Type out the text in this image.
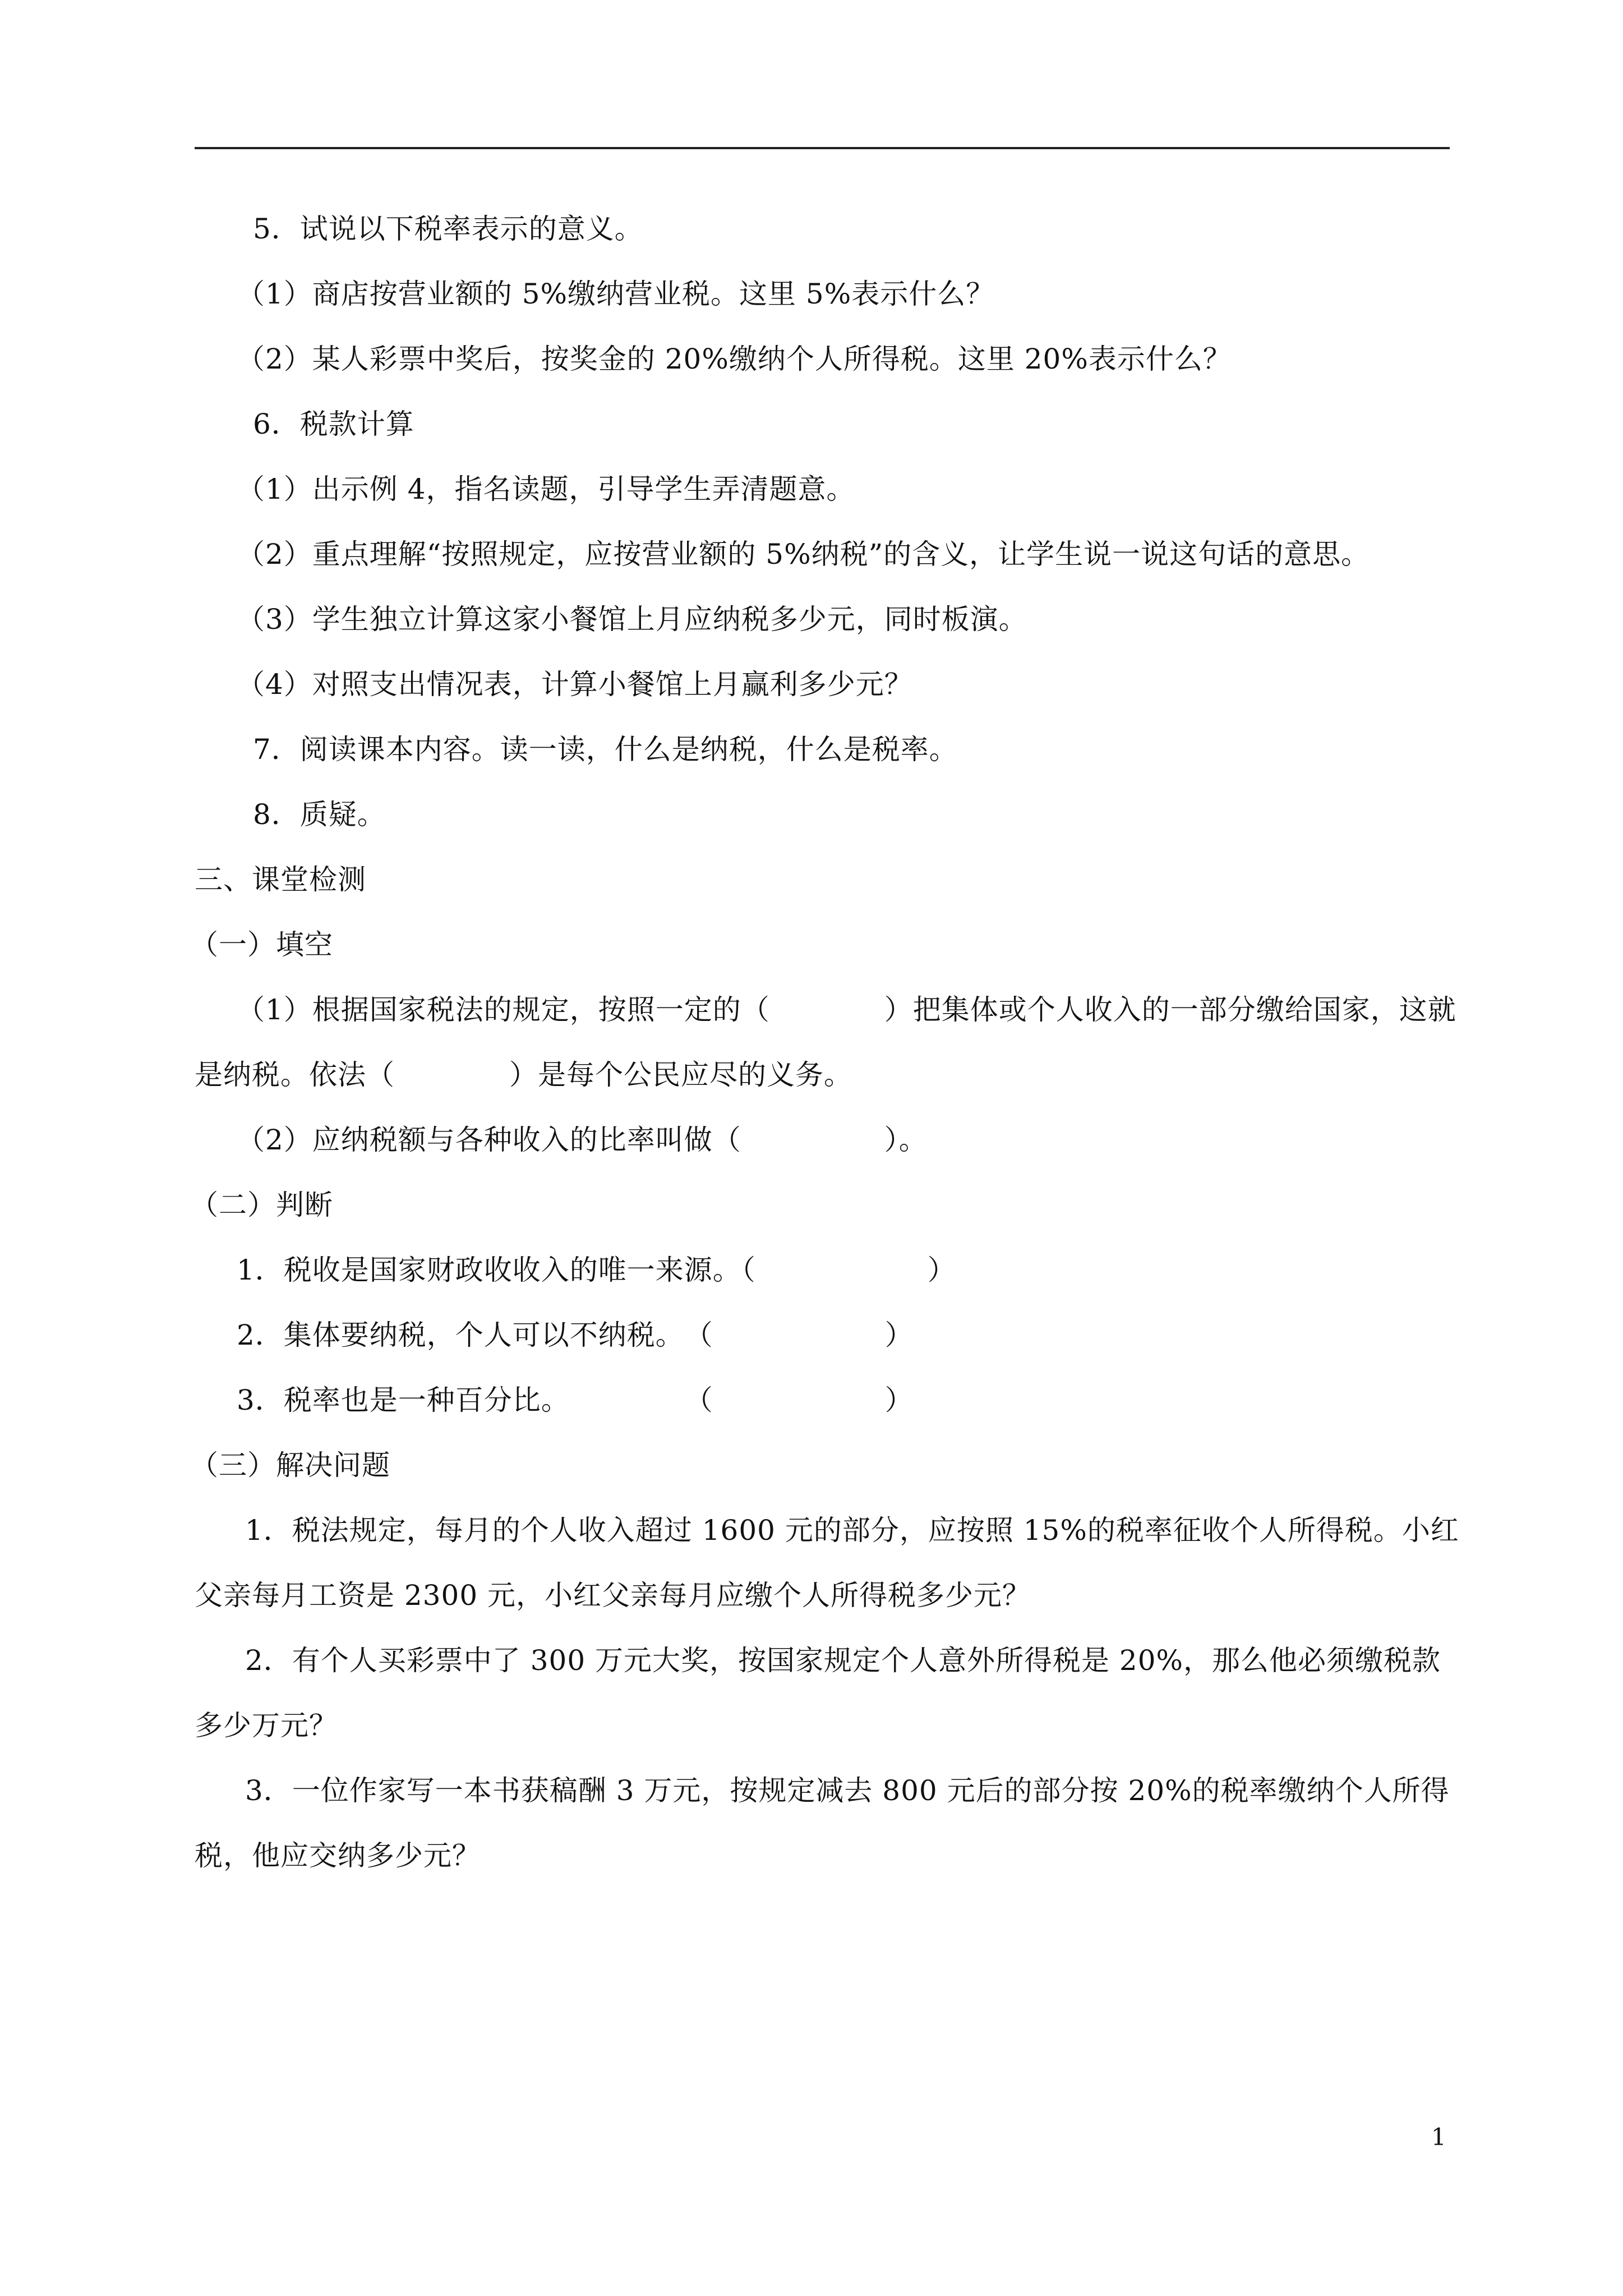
5．试说以下税率表示的意义。
（1）商店按营业额的 5%缴纳营业税。这里 5%表示什么？
（2）某人彩票中奖后，按奖金的 20%缴纳个人所得税。这里 20%表示什么？
6．税款计算
（1）出示例 4，指名读题，引导学生弄清题意。
（2）重点理解“按照规定，应按营业额的 5%纳税”的含义，让学生说一说这句话的意思。
（3）学生独立计算这家小餐馆上月应纳税多少元，同时板演。
（4）对照支出情况表，计算小餐馆上月赢利多少元？
7．阅读课本内容。读一读，什么是纳税，什么是税率。
8．质疑。
三、课堂检测
（一）填空
（1）根据国家税法的规定，按照一定的（　　　　）把集体或个人收入的一部分缴给国家，这就
是纳税。依法（　　　　）是每个公民应尽的义务。
（2）应纳税额与各种收入的比率叫做（　　　　　）。
（二）判断
1．税收是国家财政收收入的唯一来源。（　　　　　　）
2．集体要纳税，个人可以不纳税。　（　　　　　　）
3．税率也是一种百分比。　　　　　（　　　　　　）
（三）解决问题
1．税法规定，每月的个人收入超过 1600 元的部分，应按照 15%的税率征收个人所得税。小红
父亲每月工资是 2300 元，小红父亲每月应缴个人所得税多少元？
2．有个人买彩票中了 300 万元大奖，按国家规定个人意外所得税是 20%，那么他必须缴税款
多少万元？
3．一位作家写一本书获稿酬 3 万元，按规定减去 800 元后的部分按 20%的税率缴纳个人所得
税，他应交纳多少元？
1
